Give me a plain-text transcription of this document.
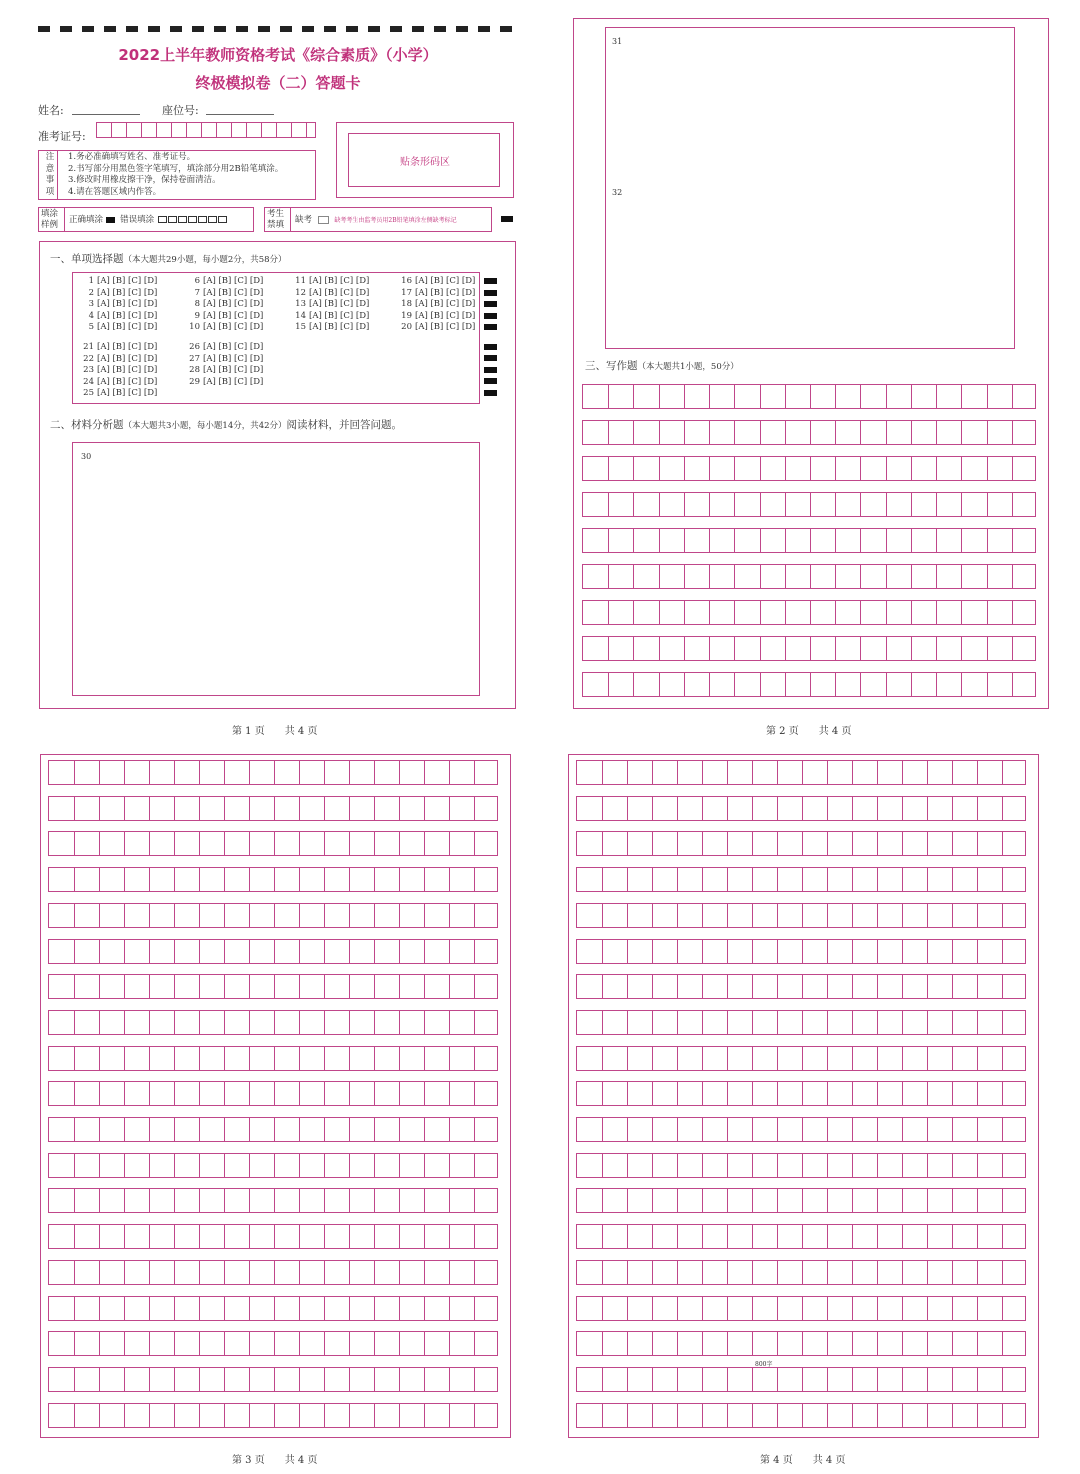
2022上半年教师资格考试《综合素质》（小学）
终极模拟卷（二）答题卡
姓名:	座位号:
准考证号:
贴条形码区
注
意
事
项
1.务必准确填写姓名、准考证号。
2.书写部分用黑色签字笔填写，填涂部分用2B铅笔填涂。
3.修改时用橡皮擦干净，保持卷面清洁。
4.请在答题区域内作答。
填涂样例	正确填涂 错误填涂
考生禁填	缺考	缺考考生由监考员用2B铅笔填涂左侧缺考标记
一、单项选择题（本大题共29小题，每小题2分，共58分）
1 [A] [B] [C] [D]
2 [A] [B] [C] [D]
3 [A] [B] [C] [D]
4 [A] [B] [C] [D]
5 [A] [B] [C] [D]
6 [A] [B] [C] [D]
7 [A] [B] [C] [D]
8 [A] [B] [C] [D]
9 [A] [B] [C] [D]
10 [A] [B] [C] [D]
11 [A] [B] [C] [D]
12 [A] [B] [C] [D]
13 [A] [B] [C] [D]
14 [A] [B] [C] [D]
15 [A] [B] [C] [D]
16 [A] [B] [C] [D]
17 [A] [B] [C] [D]
18 [A] [B] [C] [D]
19 [A] [B] [C] [D]
20 [A] [B] [C] [D]
21 [A] [B] [C] [D]
22 [A] [B] [C] [D]
23 [A] [B] [C] [D]
24 [A] [B] [C] [D]
25 [A] [B] [C] [D]
26 [A] [B] [C] [D]
27 [A] [B] [C] [D]
28 [A] [B] [C] [D]
29 [A] [B] [C] [D]
二、材料分析题（本大题共3小题，每小题14分，共42分）阅读材料，并回答问题。
30
第 1 页 共 4 页
31
32
三、写作题（本大题共1小题，50分）
第 2 页 共 4 页
第 3 页 共 4 页
800字
第 4 页 共 4 页
